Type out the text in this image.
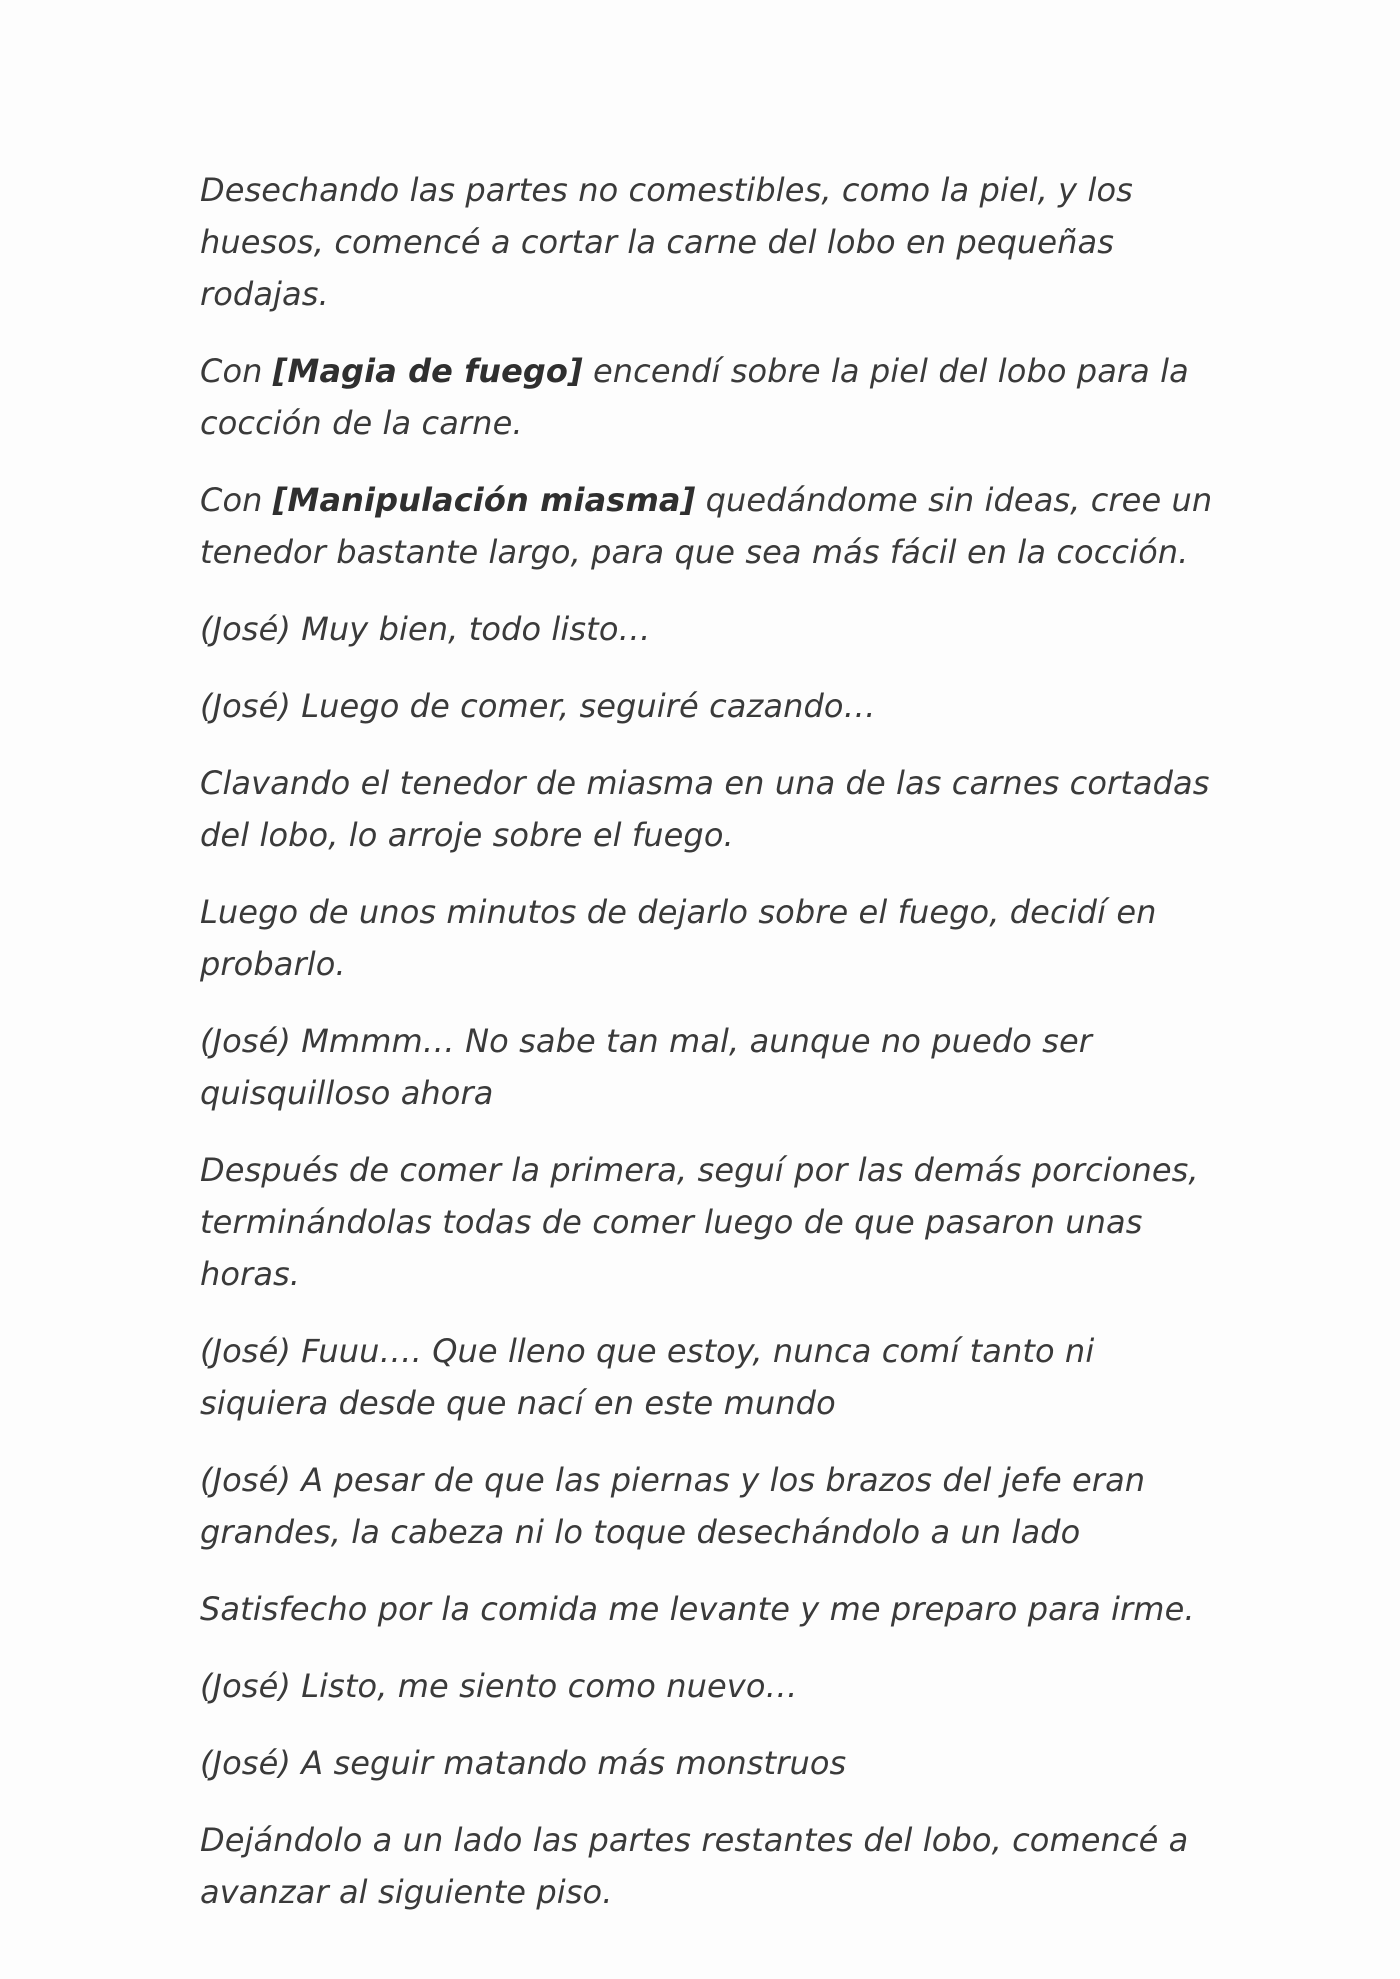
Desechando las partes no comestibles, como la piel, y los huesos, comencé a cortar la carne del lobo en pequeñas rodajas.

Con [Magia de fuego] encendí sobre la piel del lobo para la cocción de la carne.

Con [Manipulación miasma] quedándome sin ideas, cree un tenedor bastante largo, para que sea más fácil en la cocción.

(José) Muy bien, todo listo…

(José) Luego de comer, seguiré cazando…

Clavando el tenedor de miasma en una de las carnes cortadas del lobo, lo arroje sobre el fuego.

Luego de unos minutos de dejarlo sobre el fuego, decidí en probarlo.

(José) Mmmm… No sabe tan mal, aunque no puedo ser quisquilloso ahora

Después de comer la primera, seguí por las demás porciones, terminándolas todas de comer luego de que pasaron unas horas.

(José) Fuuu…. Que lleno que estoy, nunca comí tanto ni siquiera desde que nací en este mundo

(José) A pesar de que las piernas y los brazos del jefe eran grandes, la cabeza ni lo toque desechándolo a un lado

Satisfecho por la comida me levante y me preparo para irme.

(José) Listo, me siento como nuevo…

(José) A seguir matando más monstruos

Dejándolo a un lado las partes restantes del lobo, comencé a avanzar al siguiente piso.
